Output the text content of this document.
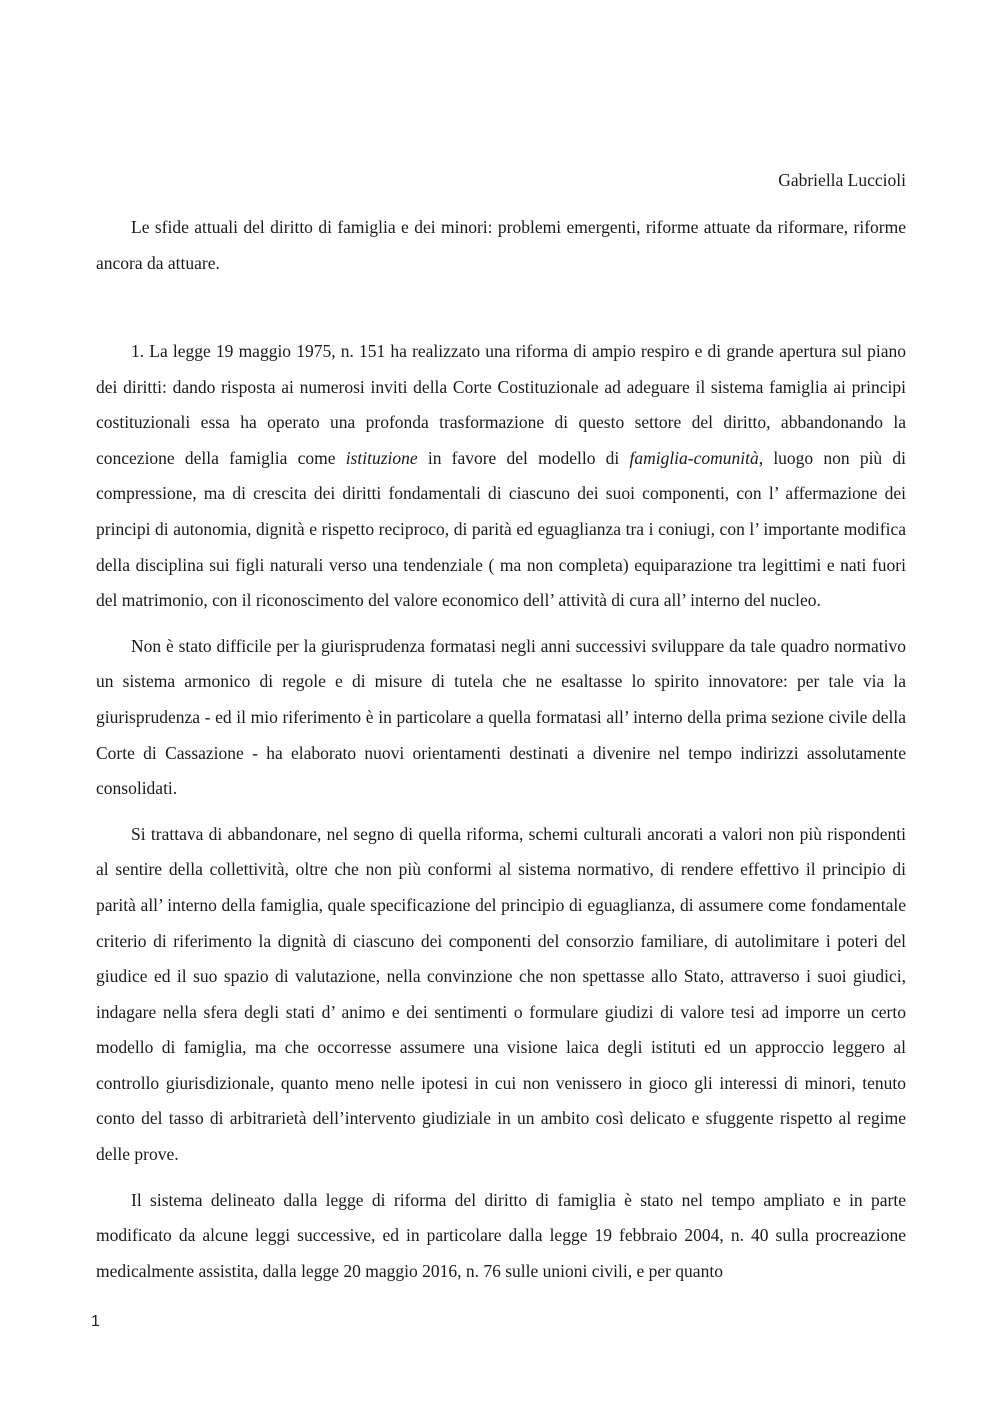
Gabriella Luccioli
Le sfide attuali del diritto di famiglia e dei minori: problemi emergenti, riforme attuate da riformare, riforme ancora da attuare.

1. La legge 19 maggio 1975, n. 151 ha realizzato una riforma di ampio respiro e di grande apertura sul piano dei diritti: dando risposta ai numerosi inviti della Corte Costituzionale ad adeguare il sistema famiglia ai principi costituzionali essa ha operato una profonda trasformazione di questo settore del diritto, abbandonando la concezione della famiglia come istituzione in favore del modello di famiglia-comunità, luogo non più di compressione, ma di crescita dei diritti fondamentali di ciascuno dei suoi componenti, con l’ affermazione dei principi di autonomia, dignità e rispetto reciproco, di parità ed eguaglianza tra i coniugi, con l’ importante modifica della disciplina sui figli naturali verso una tendenziale ( ma non completa) equiparazione tra legittimi e nati fuori del matrimonio, con il riconoscimento del valore economico dell’ attività di cura all’ interno del nucleo.

Non è stato difficile per la giurisprudenza formatasi negli anni successivi sviluppare da tale quadro normativo un sistema armonico di regole e di misure di tutela che ne esaltasse lo spirito innovatore: per tale via la giurisprudenza - ed il mio riferimento è in particolare a quella formatasi all’ interno della prima sezione civile della Corte di Cassazione - ha elaborato nuovi orientamenti destinati a divenire nel tempo indirizzi assolutamente consolidati.

Si trattava di abbandonare, nel segno di quella riforma, schemi culturali ancorati a valori non più rispondenti al sentire della collettività, oltre che non più conformi al sistema normativo, di rendere effettivo il principio di parità all’ interno della famiglia, quale specificazione del principio di eguaglianza, di assumere come fondamentale criterio di riferimento la dignità di ciascuno dei componenti del consorzio familiare, di autolimitare i poteri del giudice ed il suo spazio di valutazione, nella convinzione che non spettasse allo Stato, attraverso i suoi giudici, indagare nella sfera degli stati d’ animo e dei sentimenti o formulare giudizi di valore tesi ad imporre un certo modello di famiglia, ma che occorresse assumere una visione laica degli istituti ed un approccio leggero al controllo giurisdizionale, quanto meno nelle ipotesi in cui non venissero in gioco gli interessi di minori, tenuto conto del tasso di arbitrarietà dell’intervento giudiziale in un ambito così delicato e sfuggente rispetto al regime delle prove.

Il sistema delineato dalla legge di riforma del diritto di famiglia è stato nel tempo ampliato e in parte modificato da alcune leggi successive, ed in particolare dalla legge 19 febbraio 2004, n. 40 sulla procreazione medicalmente assistita, dalla legge 20 maggio 2016, n. 76 sulle unioni civili, e per quanto

1
